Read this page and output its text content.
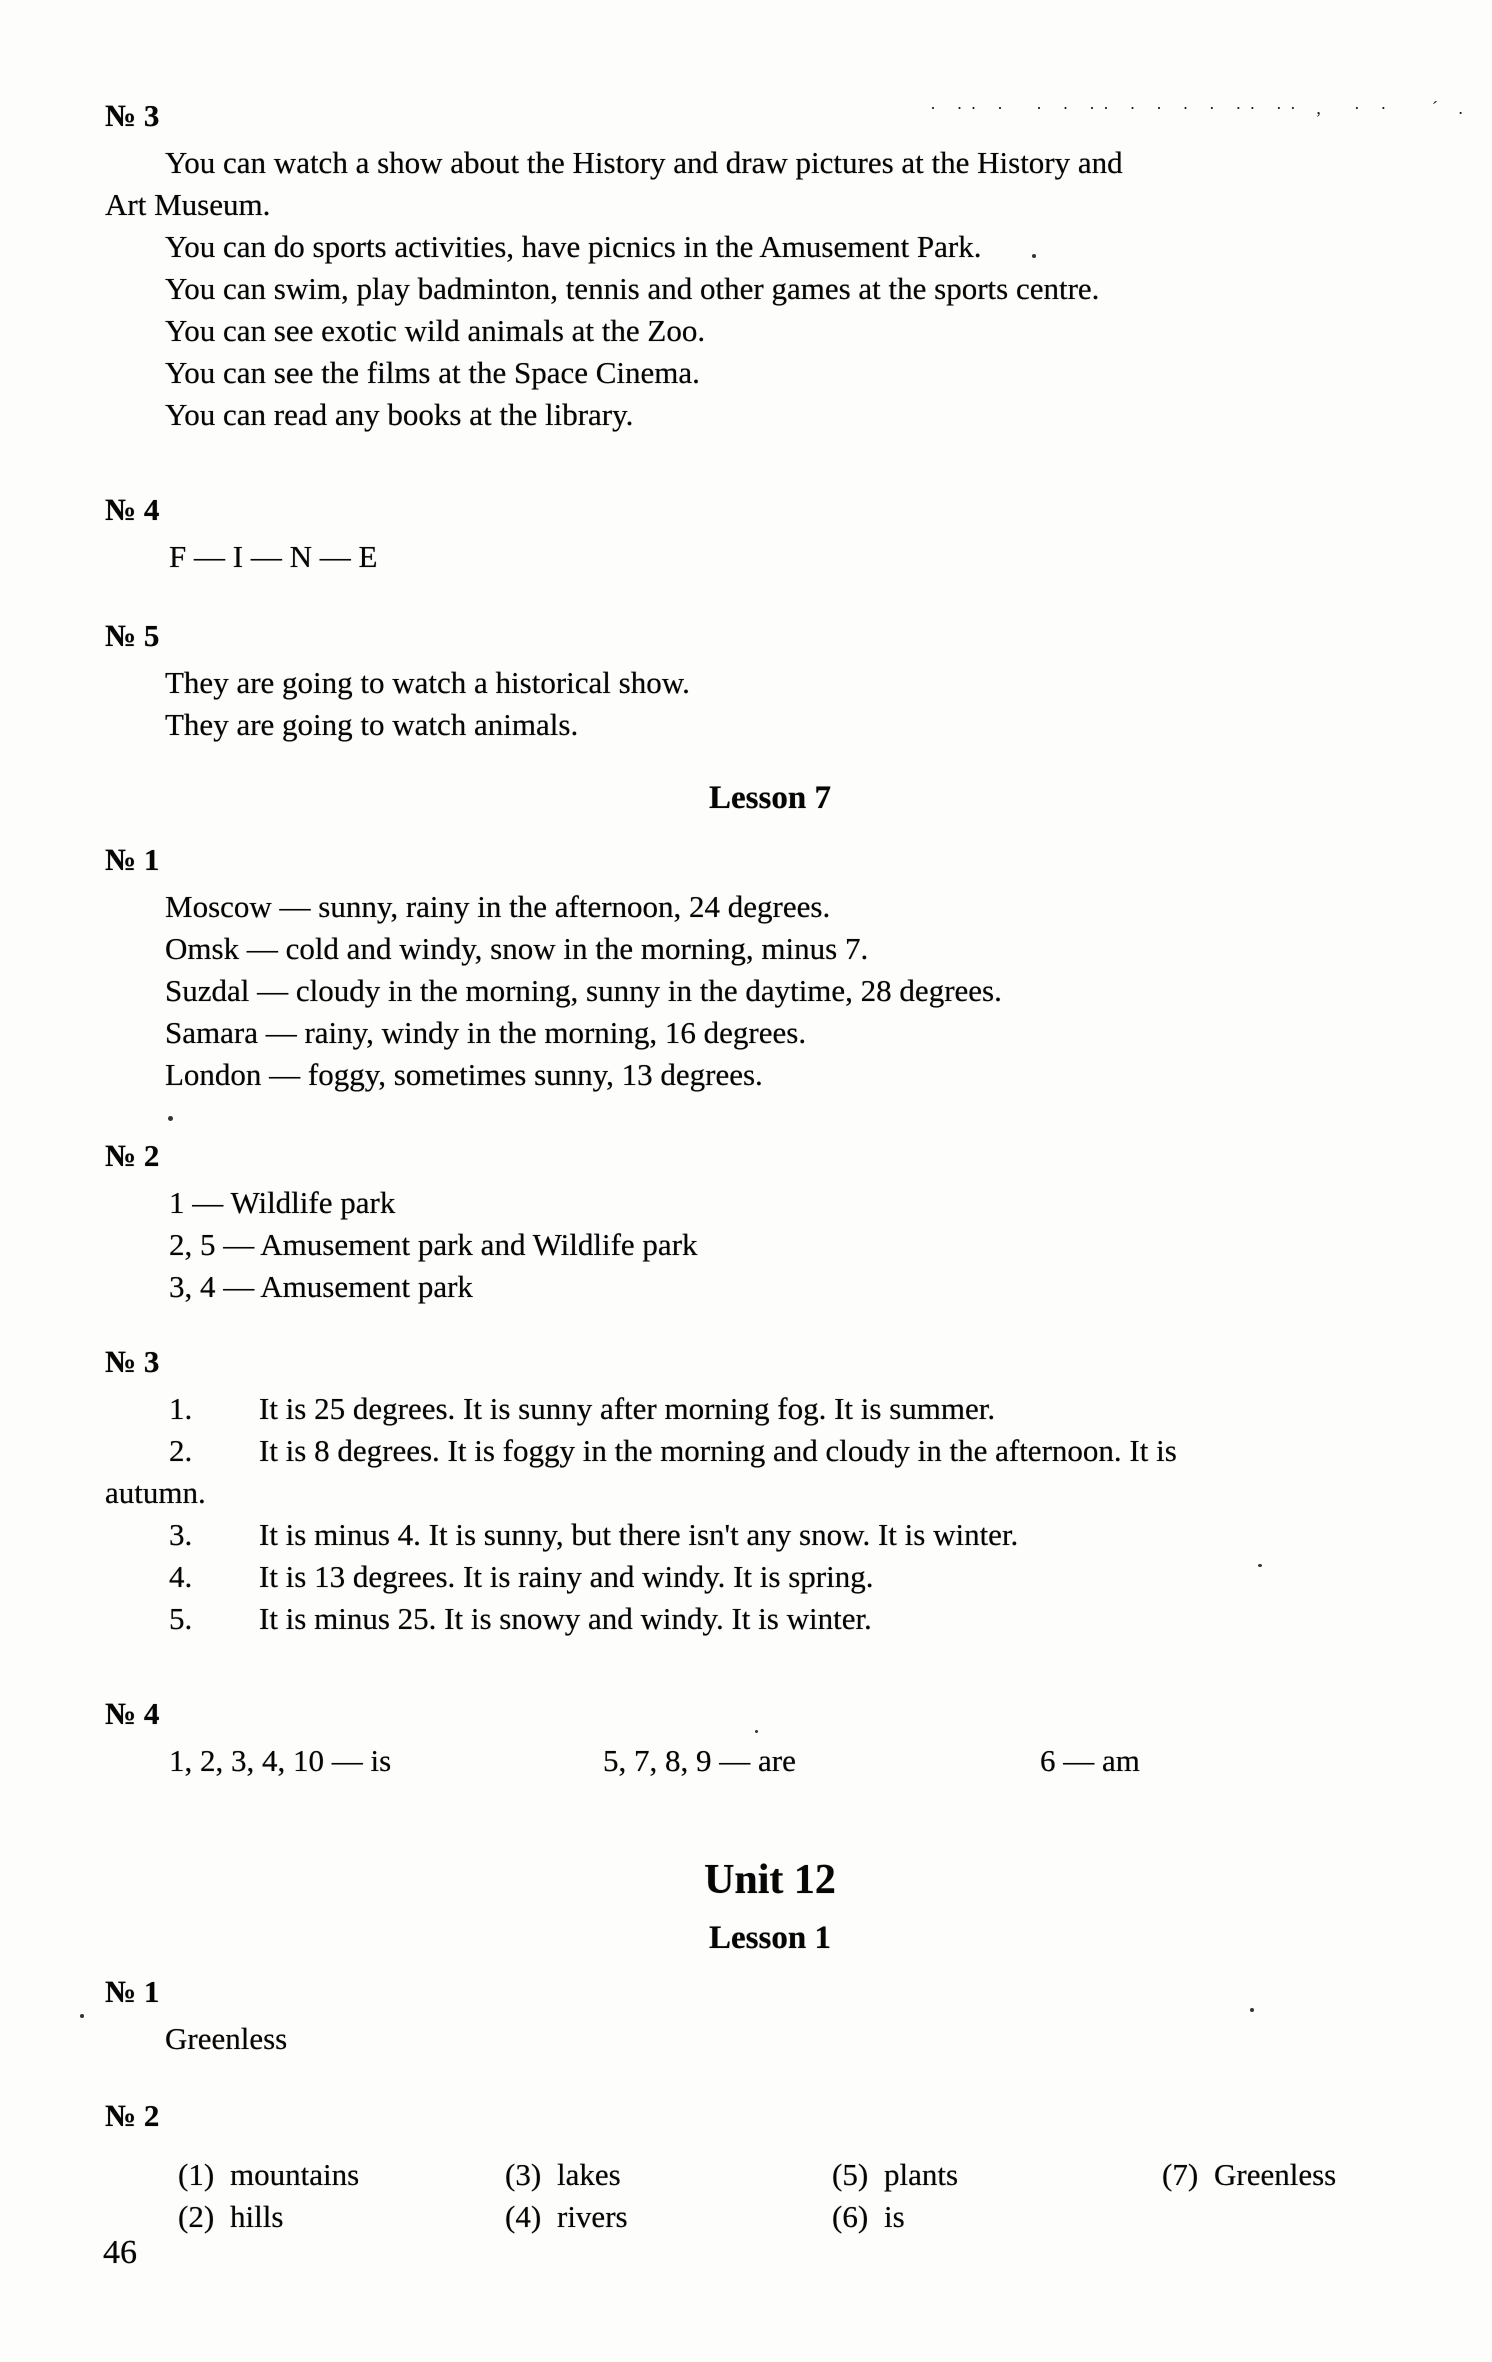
· ·· ·  · · ·· · · · · ·· ·· ,  · ·   ´ .
№ 3
You can watch a show about the History and draw pictures at the History and
Art Museum.
You can do sports activities, have picnics in the Amusement Park.
You can swim, play badminton, tennis and other games at the sports centre.
You can see exotic wild animals at the Zoo.
You can see the films at the Space Cinema.
You can read any books at the library.
№ 4
F — I — N — E
№ 5
They are going to watch a historical show.
They are going to watch animals.
Lesson 7
№ 1
Moscow — sunny, rainy in the afternoon, 24 degrees.
Omsk — cold and windy, snow in the morning, minus 7.
Suzdal — cloudy in the morning, sunny in the daytime, 28 degrees.
Samara — rainy, windy in the morning, 16 degrees.
London — foggy, sometimes sunny, 13 degrees.
№ 2
1 — Wildlife park
2, 5 — Amusement park and Wildlife park
3, 4 — Amusement park
№ 3
1.	It is 25 degrees. It is sunny after morning fog. It is summer.
2.	It is 8 degrees. It is foggy in the morning and cloudy in the afternoon. It is
autumn.
3.	It is minus 4. It is sunny, but there isn't any snow. It is winter.
4.	It is 13 degrees. It is rainy and windy. It is spring.
5.	It is minus 25. It is snowy and windy. It is winter.
№ 4
1, 2, 3, 4, 10 — is	5, 7, 8, 9 — are	6 — am
Unit 12
Lesson 1
№ 1
Greenless
№ 2
(1) mountains	(3) lakes	(5) plants	(7) Greenless
(2) hills	(4) rivers	(6) is
46
